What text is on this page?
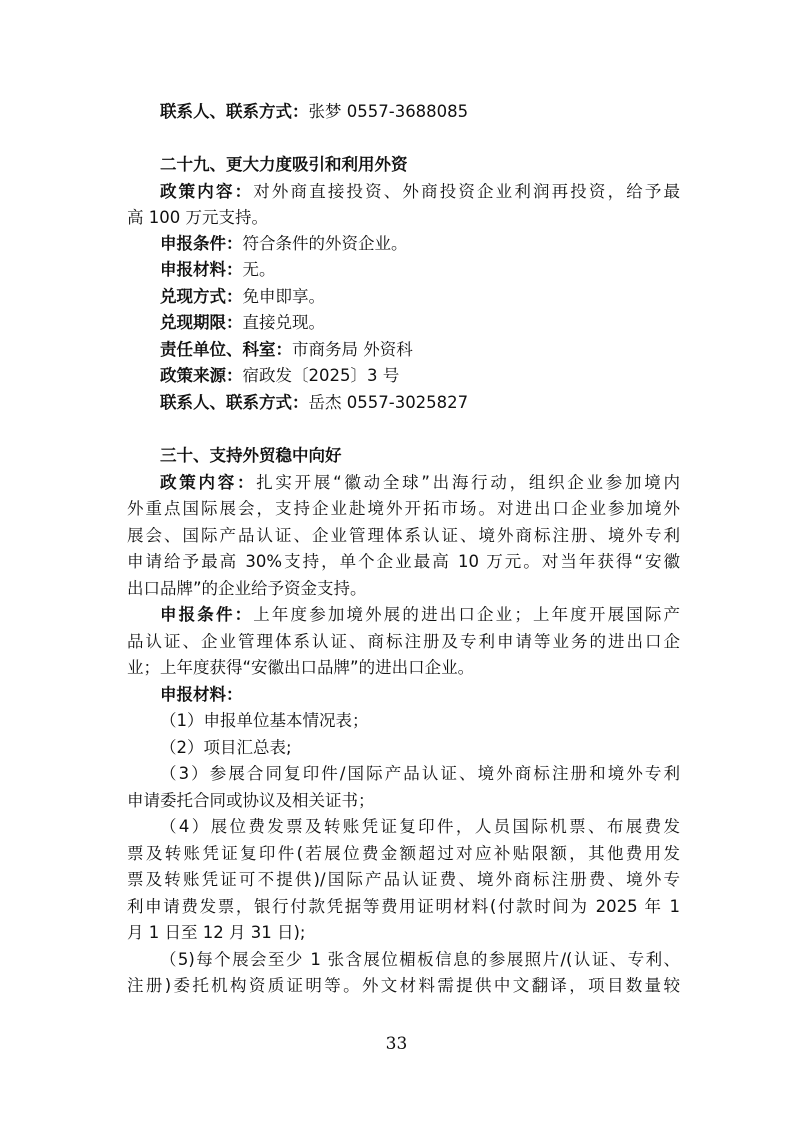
联系人、联系方式：张梦 0557-3688085
二十九、更大力度吸引和利用外资
政策内容：对外商直接投资、外商投资企业利润再投资，给予最
高 100 万元支持。
申报条件：符合条件的外资企业。
申报材料：无。
兑现方式：免申即享。
兑现期限：直接兑现。
责任单位、科室：市商务局 外资科
政策来源：宿政发〔2025〕3 号
联系人、联系方式：岳杰 0557-3025827
三十、支持外贸稳中向好
政策内容：扎实开展“徽动全球”出海行动，组织企业参加境内
外重点国际展会，支持企业赴境外开拓市场。对进出口企业参加境外
展会、国际产品认证、企业管理体系认证、境外商标注册、境外专利
申请给予最高 30%支持，单个企业最高 10 万元。对当年获得“安徽
出口品牌”的企业给予资金支持。
申报条件：上年度参加境外展的进出口企业；上年度开展国际产
品认证、企业管理体系认证、商标注册及专利申请等业务的进出口企
业；上年度获得“安徽出口品牌”的进出口企业。
申报材料：
（1）申报单位基本情况表；
（2）项目汇总表;
（3）参展合同复印件/国际产品认证、境外商标注册和境外专利
申请委托合同或协议及相关证书；
（4）展位费发票及转账凭证复印件，人员国际机票、布展费发
票及转账凭证复印件(若展位费金额超过对应补贴限额，其他费用发
票及转账凭证可不提供)/国际产品认证费、境外商标注册费、境外专
利申请费发票，银行付款凭据等费用证明材料(付款时间为 2025 年 1
月 1 日至 12 月 31 日);
（5)每个展会至少 1 张含展位楣板信息的参展照片/(认证、专利、
注册)委托机构资质证明等。外文材料需提供中文翻译，项目数量较
33
